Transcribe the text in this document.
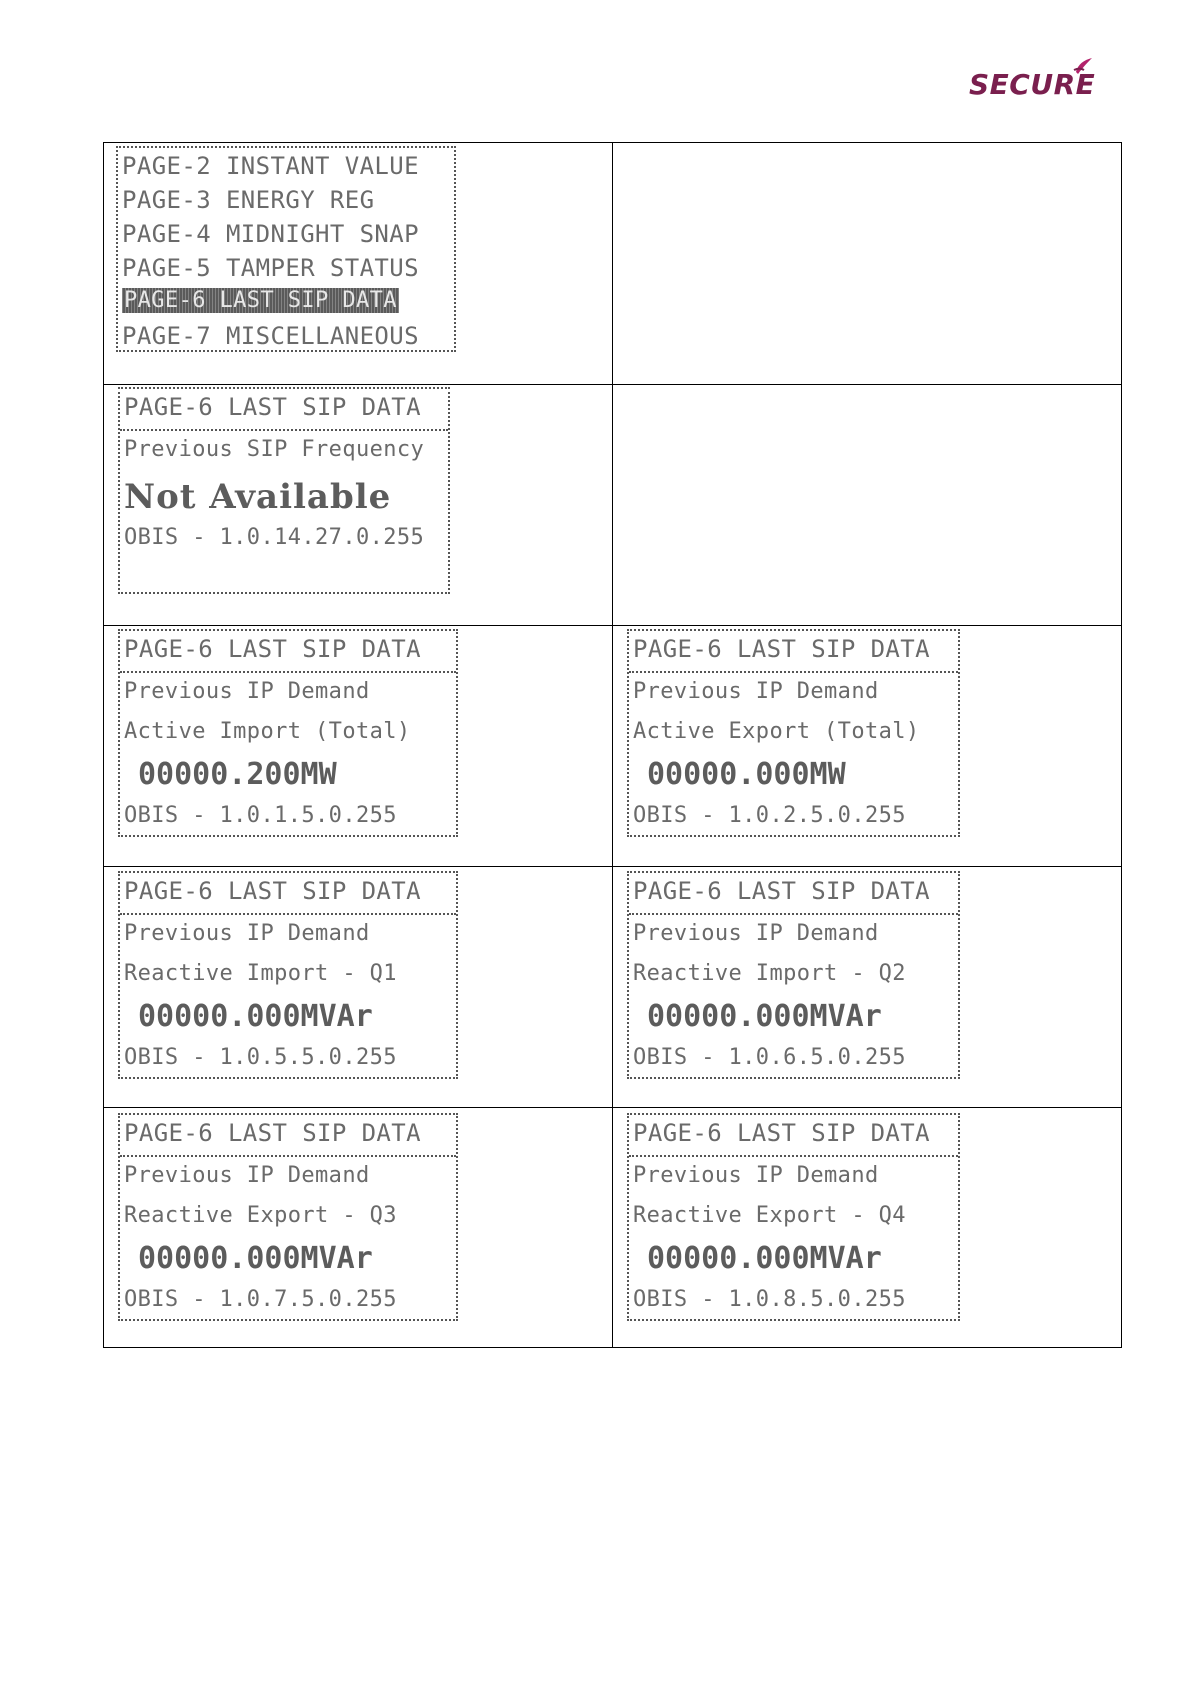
SECURE
PAGE-2 INSTANT VALUE
PAGE-3 ENERGY REG
PAGE-4 MIDNIGHT SNAP
PAGE-5 TAMPER STATUS
PAGE-6 LAST SIP DATA
PAGE-7 MISCELLANEOUS
PAGE-6 LAST SIP DATA
Previous SIP Frequency
Not Available
OBIS - 1.0.14.27.0.255
PAGE-6 LAST SIP DATA
Previous IP Demand
Active Import (Total)
00000.200MW
OBIS - 1.0.1.5.0.255
PAGE-6 LAST SIP DATA
Previous IP Demand
Active Export (Total)
00000.000MW
OBIS - 1.0.2.5.0.255
PAGE-6 LAST SIP DATA
Previous IP Demand
Reactive Import - Q1
00000.000MVAr
OBIS - 1.0.5.5.0.255
PAGE-6 LAST SIP DATA
Previous IP Demand
Reactive Import - Q2
00000.000MVAr
OBIS - 1.0.6.5.0.255
PAGE-6 LAST SIP DATA
Previous IP Demand
Reactive Export - Q3
00000.000MVAr
OBIS - 1.0.7.5.0.255
PAGE-6 LAST SIP DATA
Previous IP Demand
Reactive Export - Q4
00000.000MVAr
OBIS - 1.0.8.5.0.255
